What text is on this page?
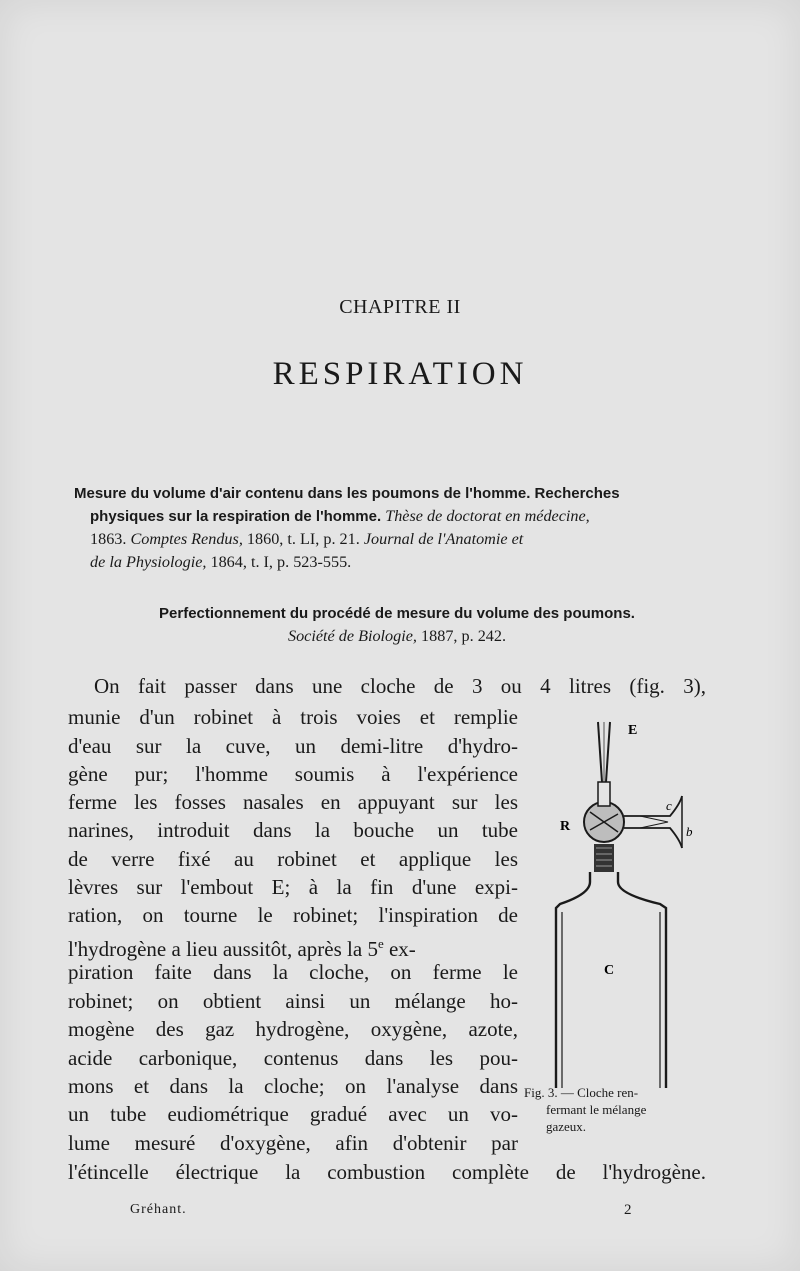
CHAPITRE II
RESPIRATION
Mesure du volume d'air contenu dans les poumons de l'homme. Recherches
physiques sur la respiration de l'homme. Thèse de doctorat en médecine,
1863. Comptes Rendus, 1860, t. LI, p. 21. Journal de l'Anatomie et
de la Physiologie, 1864, t. I, p. 523-555.
Perfectionnement du procédé de mesure du volume des poumons.
Société de Biologie, 1887, p. 242.
On fait passer dans une cloche de 3 ou 4 litres (fig. 3),
munie d'un robinet à trois voies et remplie
d'eau sur la cuve, un demi-litre d'hydro-
gène pur; l'homme soumis à l'expérience
ferme les fosses nasales en appuyant sur les
narines, introduit dans la bouche un tube
de verre fixé au robinet et applique les
lèvres sur l'embout E; à la fin d'une expi-
ration, on tourne le robinet; l'inspiration de
l'hydrogène a lieu aussitôt, après la 5e ex-
piration faite dans la cloche, on ferme le
robinet; on obtient ainsi un mélange ho-
mogène des gaz hydrogène, oxygène, azote,
acide carbonique, contenus dans les pou-
mons et dans la cloche; on l'analyse dans
un tube eudiométrique gradué avec un vo-
lume mesuré d'oxygène, afin d'obtenir par
l'étincelle électrique la combustion complète de l'hydrogène.
E
R
c
b
C
Fig. 3. — Cloche ren-
fermant le mélange
gazeux.
Gréhant.	2
